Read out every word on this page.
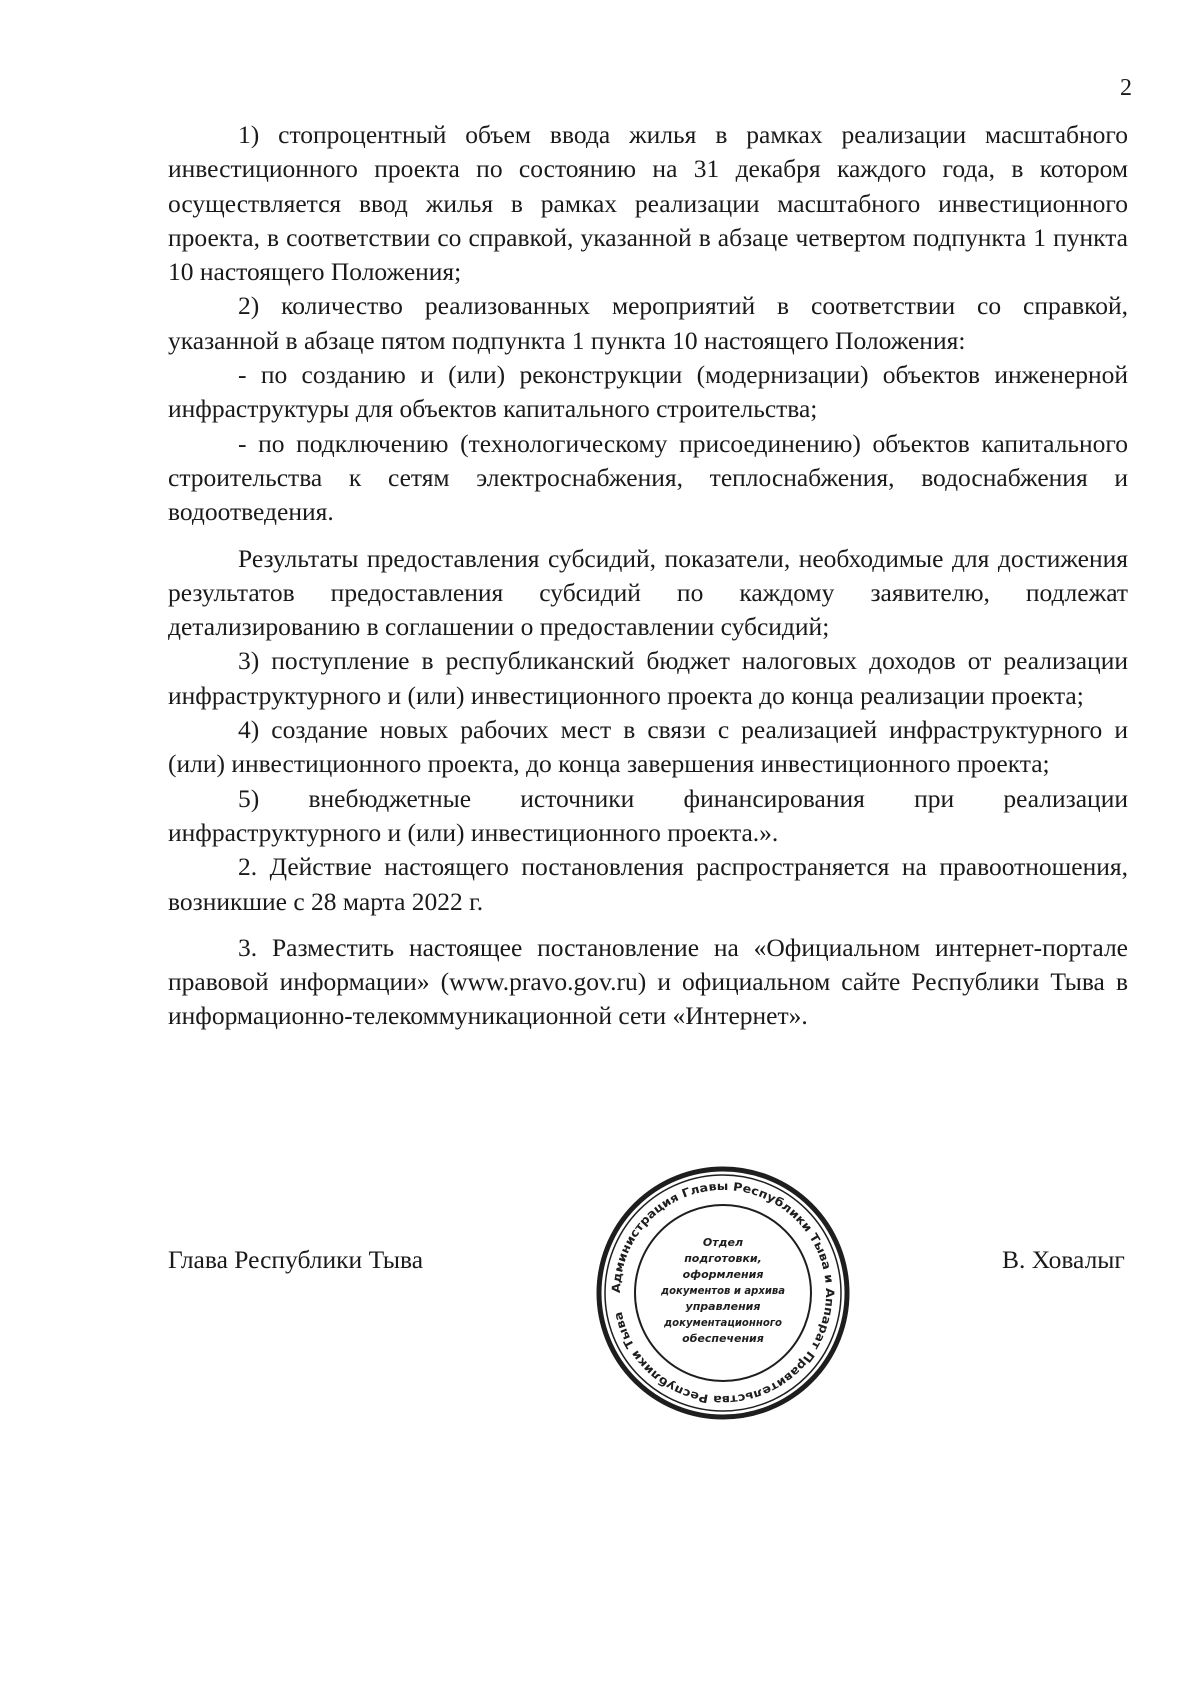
2

1) стопроцентный объем ввода жилья в рамках реализации масштабного инвестиционного проекта по состоянию на 31 декабря каждого года, в котором осуществляется ввод жилья в рамках реализации масштабного инвестиционного проекта, в соответствии со справкой, указанной в абзаце четвертом подпункта 1 пункта 10 настоящего Положения;

2) количество реализованных мероприятий в соответствии со справкой, указанной в абзаце пятом подпункта 1 пункта 10 настоящего Положения:

- по созданию и (или) реконструкции (модернизации) объектов инженерной инфраструктуры для объектов капитального строительства;

- по подключению (технологическому присоединению) объектов капитального строительства к сетям электроснабжения, теплоснабжения, водоснабжения и водоотведения.

Результаты предоставления субсидий, показатели, необходимые для достижения результатов предоставления субсидий по каждому заявителю, подлежат детализированию в соглашении о предоставлении субсидий;

3) поступление в республиканский бюджет налоговых доходов от реализации инфраструктурного и (или) инвестиционного проекта до конца реализации проекта;

4) создание новых рабочих мест в связи с реализацией инфраструктурного и (или) инвестиционного проекта, до конца завершения инвестиционного проекта;

5) внебюджетные источники финансирования при реализации инфраструктурного и (или) инвестиционного проекта.».

2. Действие настоящего постановления распространяется на правоотношения, возникшие с 28 марта 2022 г.

3. Разместить настоящее постановление на «Официальном интернет-портале правовой информации» (www.pravo.gov.ru) и официальном сайте Республики Тыва в информационно-телекоммуникационной сети «Интернет».

Глава Республики Тыва	В. Ховалыг
Администрация Главы Республики Тыва и Аппарат Правительства Республики Тыва
Отдел
подготовки,
оформления
документов и архива
управления
документационного
обеспечения
